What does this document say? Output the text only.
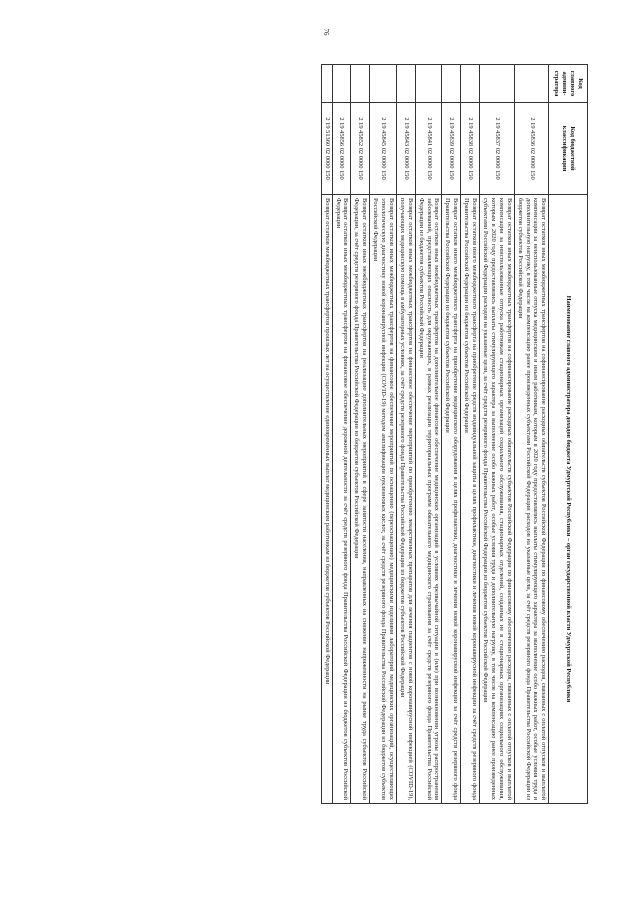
76
Код главного админи-стратора	Код бюджетной классификации	Наименование главного администратора доходов бюджета Удмуртской Республики – орган государственной власти Удмуртской Республики
	2 19 45836 02 0000 150	Возврат остатков иных межбюджетных трансфертов на софинансирование расходных обязательств субъектов Российской Федерации по финансовому обеспечению расходов, связанных с оплатой отпусков и выплатой компенсации за неиспользованные отпуска медицинским и иным работникам, которым в 2020 году предоставлялись выплаты стимулирующего характера за выполнение особо важных работ, особые условия труда и дополнительную нагрузку, в том числе на компенсацию ранее произведенных субъектами Российской Федерации расходов на указанные цели, за счёт средств резервного фонда Правительства Российской Федерации из бюджетов субъектов Российской Федерации
	2 19 45837 02 0000 150	Возврат остатков иных межбюджетных трансфертов на софинансирование расходных обязательств субъектов Российской Федерации по финансовому обеспечению расходов, связанных с оплатой отпусков и выплатой компенсации за неиспользованные отпуска работникам стационарных организаций социального обслуживания, стационарных отделений, созданных не в стационарных организациях социального обслуживания, которым в 2020 году предоставлялись выплаты стимулирующего характера за выполнение особо важных работ, особые условия труда и дополнительную нагрузку, в том числе на компенсацию ранее произведенных субъектами Российской Федерации расходов на указанные цели, за счёт средств резервного фонда Правительства Российской Федерации из бюджетов субъектов Российской Федерации
	2 19 45838 02 0000 150	Возврат остатков иного межбюджетного трансферта на приобретение средств индивидуальной защиты в целях профилактики, диагностики и лечения новой коронавирусной инфекции за счёт средств резервного фонда Правительства Российской Федерации из бюджетов субъектов Российской Федерации
	2 19 45839 02 0000 150	Возврат остатков иного межбюджетного трансферта на приобретение медицинского оборудования в целях профилактики, диагностики и лечения новой коронавирусной инфекции за счёт средств резервного фонда Правительства Российской Федерации из бюджетов субъектов Российской Федерации
	2 19 45841 02 0000 150	Возврат остатков иных межбюджетных трансфертов на дополнительное финансовое обеспечение медицинских организаций в условиях чрезвычайной ситуации и (или) при возникновении угрозы распространения заболеваний, представляющих опасность для окружающих, в рамках реализации территориальных программ обязательного медицинского страхования за счёт средств резервного фонда Правительства Российской Федерации из бюджетов субъектов Российской Федерации
	2 19 45843 02 0000 150	Возврат остатков иных межбюджетных трансфертов на финансовое обеспечение мероприятий по приобретению лекарственных препаратов для лечения пациентов с новой коронавирусной инфекцией (COVID-19), получающих медицинскую помощь в амбулаторных условиях, за счёт средств резервного фонда Правительства Российской Федерации из бюджетов субъектов Российской Федерации
	2 19 45845 02 0000 150	Возврат остатков иных межбюджетных трансфертов на финансовое обеспечение мероприятий по оснащению (переоснащению) медицинскими изделиями лабораторий медицинских организаций, осуществляющих этиологическую диагностику новой коронавирусной инфекции (COVID-19) методом амплификации нуклеиновых кислот, за счёт средств резервного фонда Правительства Российской Федерации из бюджетов субъектов Российской Федерации
	2 19 45852 02 0000 150	Возврат остатков иных межбюджетных трансфертов на реализацию дополнительных мероприятий в сфере занятости населения, направленных на снижение напряженности на рынке труда субъектов Российской Федерации, за счёт средств резервного фонда Правительства Российской Федерации из бюджетов субъектов Российской Федерации
	2 19 45856 02 0000 150	Возврат остатков иных межбюджетных трансфертов на финансовое обеспечение дорожной деятельности за счёт средств резервного фонда Правительства Российской Федерации из бюджетов субъектов Российской Федерации
	2 19 51360 02 0000 150	Возврат остатков межбюджетных трансфертов прошлых лет на осуществление единовременных выплат медицинским работникам из бюджетов субъектов Российской Федерации
